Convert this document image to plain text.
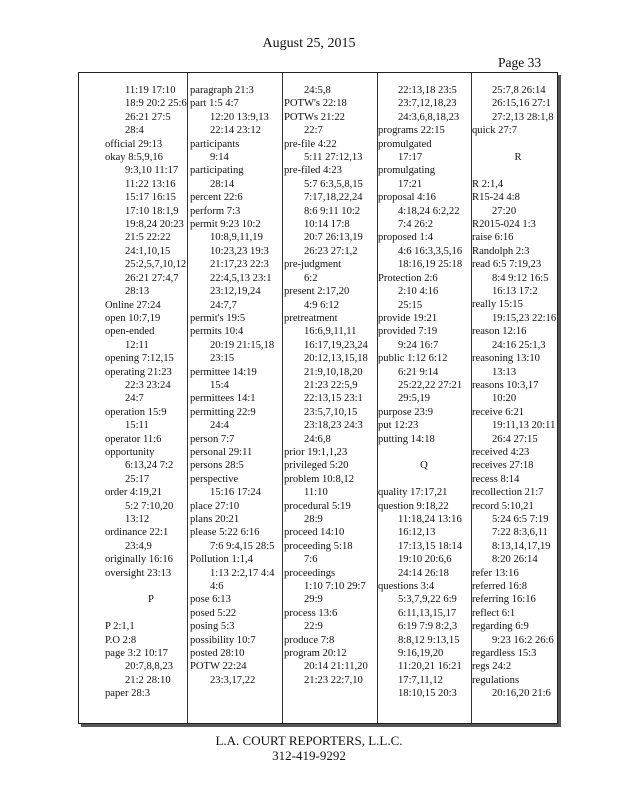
August 25, 2015
Page 33
11:19 17:10
18:9 20:2 25:6
26:21 27:5
28:4
official 29:13
okay 8:5,9,16
9:3,10 11:17
11:22 13:16
15:17 16:15
17:10 18:1,9
19:8,24 20:23
21:5 22:22
24:1,10,15
25:2,5,7,10,12
26:21 27:4,7
28:13
Online 27:24
open 10:7,19
open-ended
12:11
opening 7:12,15
operating 21:23
22:3 23:24
24:7
operation 15:9
15:11
operator 11:6
opportunity
6:13,24 7:2
25:17
order 4:19,21
5:2 7:10,20
13:12
ordinance 22:1
23:4,9
originally 16:16
oversight 23:13
P
P 2:1,1
P.O 2:8
page 3:2 10:17
20:7,8,8,23
21:2 28:10
paper 28:3
paragraph 21:3
part 1:5 4:7
12:20 13:9,13
22:14 23:12
participants
9:14
participating
28:14
percent 22:6
perform 7:3
permit 9:23 10:2
10:8,9,11,19
10:23,23 19:3
21:17,23 22:3
22:4,5,13 23:1
23:12,19,24
24:7,7
permit's 19:5
permits 10:4
20:19 21:15,18
23:15
permittee 14:19
15:4
permittees 14:1
permitting 22:9
24:4
person 7:7
personal 29:11
persons 28:5
perspective
15:16 17:24
place 27:10
plans 20:21
please 5:22 6:16
7:6 9:4,15 28:5
Pollution 1:1,4
1:13 2:2,17 4:4
4:6
pose 6:13
posed 5:22
posing 5:3
possibility 10:7
posted 28:10
POTW 22:24
23:3,17,22
24:5,8
POTW's 22:18
POTWs 21:22
22:7
pre-file 4:22
5:11 27:12,13
pre-filed 4:23
5:7 6:3,5,8,15
7:17,18,22,24
8:6 9:11 10:2
10:14 17:8
20:7 26:13,19
26:23 27:1,2
pre-judgment
6:2
present 2:17,20
4:9 6:12
pretreatment
16:6,9,11,11
16:17,19,23,24
20:12,13,15,18
21:9,10,18,20
21:23 22:5,9
22:13,15 23:1
23:5,7,10,15
23:18,23 24:3
24:6,8
prior 19:1,1,23
privileged 5:20
problem 10:8,12
11:10
procedural 5:19
28:9
proceed 14:10
proceeding 5:18
7:6
proceedings
1:10 7:10 29:7
29:9
process 13:6
22:9
produce 7:8
program 20:12
20:14 21:11,20
21:23 22:7,10
22:13,18 23:5
23:7,12,18,23
24:3,6,8,18,23
programs 22:15
promulgated
17:17
promulgating
17:21
proposal 4:16
4:18,24 6:2,22
7:4 26:2
proposed 1:4
4:6 16:3,3,5,16
18:16,19 25:18
Protection 2:6
2:10 4:16
25:15
provide 19:21
provided 7:19
9:24 16:7
public 1:12 6:12
6:21 9:14
25:22,22 27:21
29:5,19
purpose 23:9
put 12:23
putting 14:18
Q
quality 17:17,21
question 9:18,22
11:18,24 13:16
16:12,13
17:13,15 18:14
19:10 20:6,6
24:14 26:18
questions 3:4
5:3,7,9,22 6:9
6:11,13,15,17
6:19 7:9 8:2,3
8:8,12 9:13,15
9:16,19,20
11:20,21 16:21
17:7,11,12
18:10,15 20:3
25:7,8 26:14
26:15,16 27:1
27:2,13 28:1,8
quick 27:7
R
R 2:1,4
R15-24 4:8
27:20
R2015-024 1:3
raise 6:16
Randolph 2:3
read 6:5 7:19,23
8:4 9:12 16:5
16:13 17:2
really 15:15
19:15,23 22:16
reason 12:16
24:16 25:1,3
reasoning 13:10
13:13
reasons 10:3,17
10:20
receive 6:21
19:11,13 20:11
26:4 27:15
received 4:23
receives 27:18
recess 8:14
recollection 21:7
record 5:10,21
5:24 6:5 7:19
7:22 8:3,6,11
8:13,14,17,19
8:20 26:14
refer 13:16
referred 16:8
referring 16:16
reflect 6:1
regarding 6:9
9:23 16:2 26:6
regardless 15:3
regs 24:2
regulations
20:16,20 21:6
L.A. COURT REPORTERS, L.L.C.
312-419-9292
